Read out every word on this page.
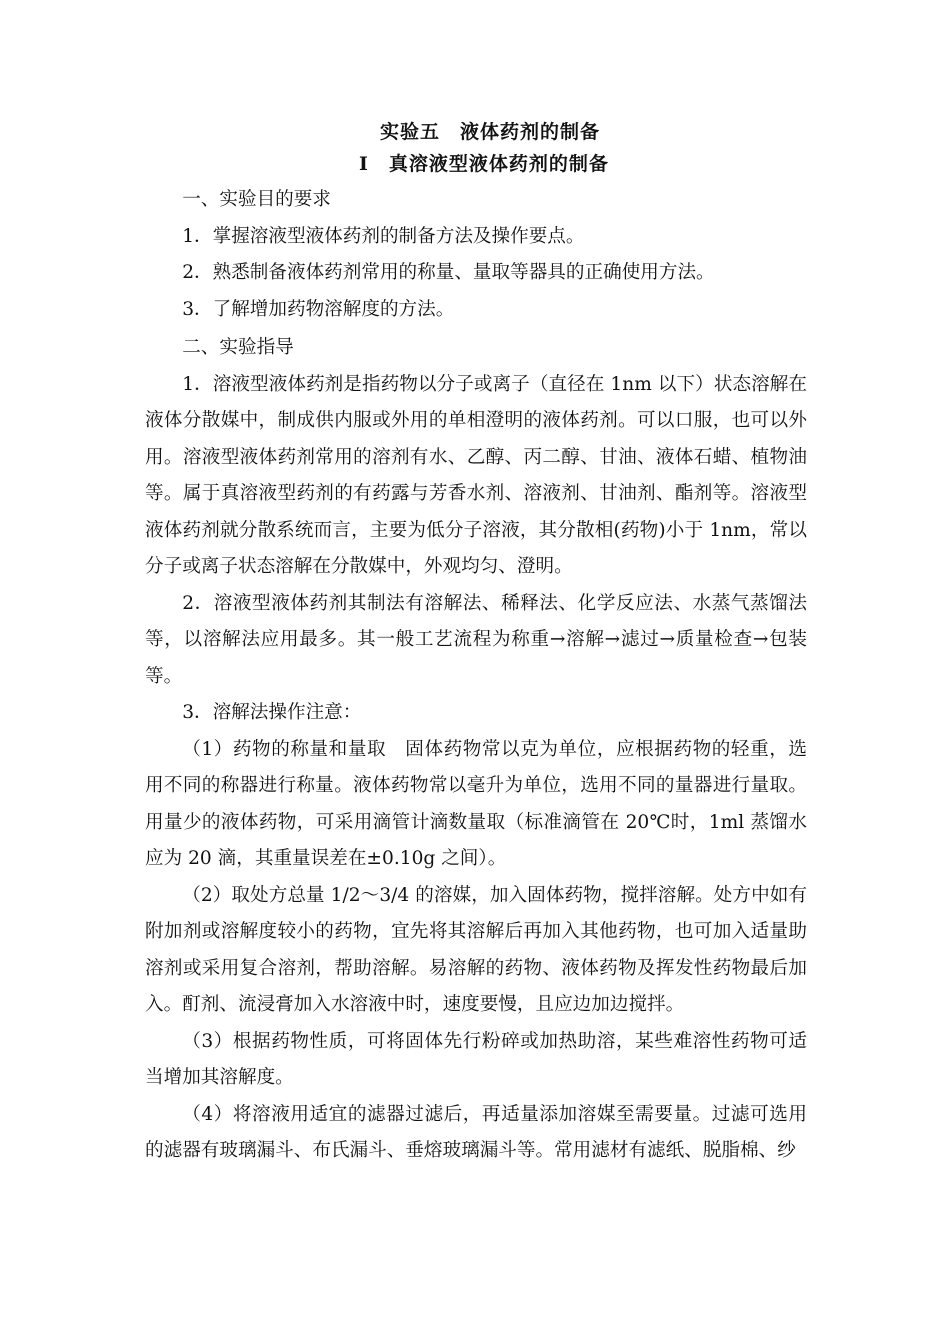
实验五　液体药剂的制备
Ⅰ　真溶液型液体药剂的制备

一、实验目的要求

1．掌握溶液型液体药剂的制备方法及操作要点。

2．熟悉制备液体药剂常用的称量、量取等器具的正确使用方法。

3．了解增加药物溶解度的方法。

二、实验指导

1．溶液型液体药剂是指药物以分子或离子（直径在 1nm 以下）状态溶解在液体分散媒中，制成供内服或外用的单相澄明的液体药剂。可以口服，也可以外用。溶液型液体药剂常用的溶剂有水、乙醇、丙二醇、甘油、液体石蜡、植物油等。属于真溶液型药剂的有药露与芳香水剂、溶液剂、甘油剂、酯剂等。溶液型液体药剂就分散系统而言，主要为低分子溶液，其分散相(药物)小于 1nm，常以分子或离子状态溶解在分散媒中，外观均匀、澄明。

2．溶液型液体药剂其制法有溶解法、稀释法、化学反应法、水蒸气蒸馏法等，以溶解法应用最多。其一般工艺流程为称重→溶解→滤过→质量检查→包装等。

3．溶解法操作注意：

（1）药物的称量和量取　固体药物常以克为单位，应根据药物的轻重，选用不同的称器进行称量。液体药物常以毫升为单位，选用不同的量器进行量取。用量少的液体药物，可采用滴管计滴数量取（标准滴管在 20℃时，1ml 蒸馏水应为 20 滴，其重量误差在±0.10g 之间）。

（2）取处方总量 1/2～3/4 的溶媒，加入固体药物，搅拌溶解。处方中如有附加剂或溶解度较小的药物，宜先将其溶解后再加入其他药物，也可加入适量助溶剂或采用复合溶剂，帮助溶解。易溶解的药物、液体药物及挥发性药物最后加入。酊剂、流浸膏加入水溶液中时，速度要慢，且应边加边搅拌。

（3）根据药物性质，可将固体先行粉碎或加热助溶，某些难溶性药物可适当增加其溶解度。

（4）将溶液用适宜的滤器过滤后，再适量添加溶媒至需要量。过滤可选用的滤器有玻璃漏斗、布氏漏斗、垂熔玻璃漏斗等。常用滤材有滤纸、脱脂棉、纱
